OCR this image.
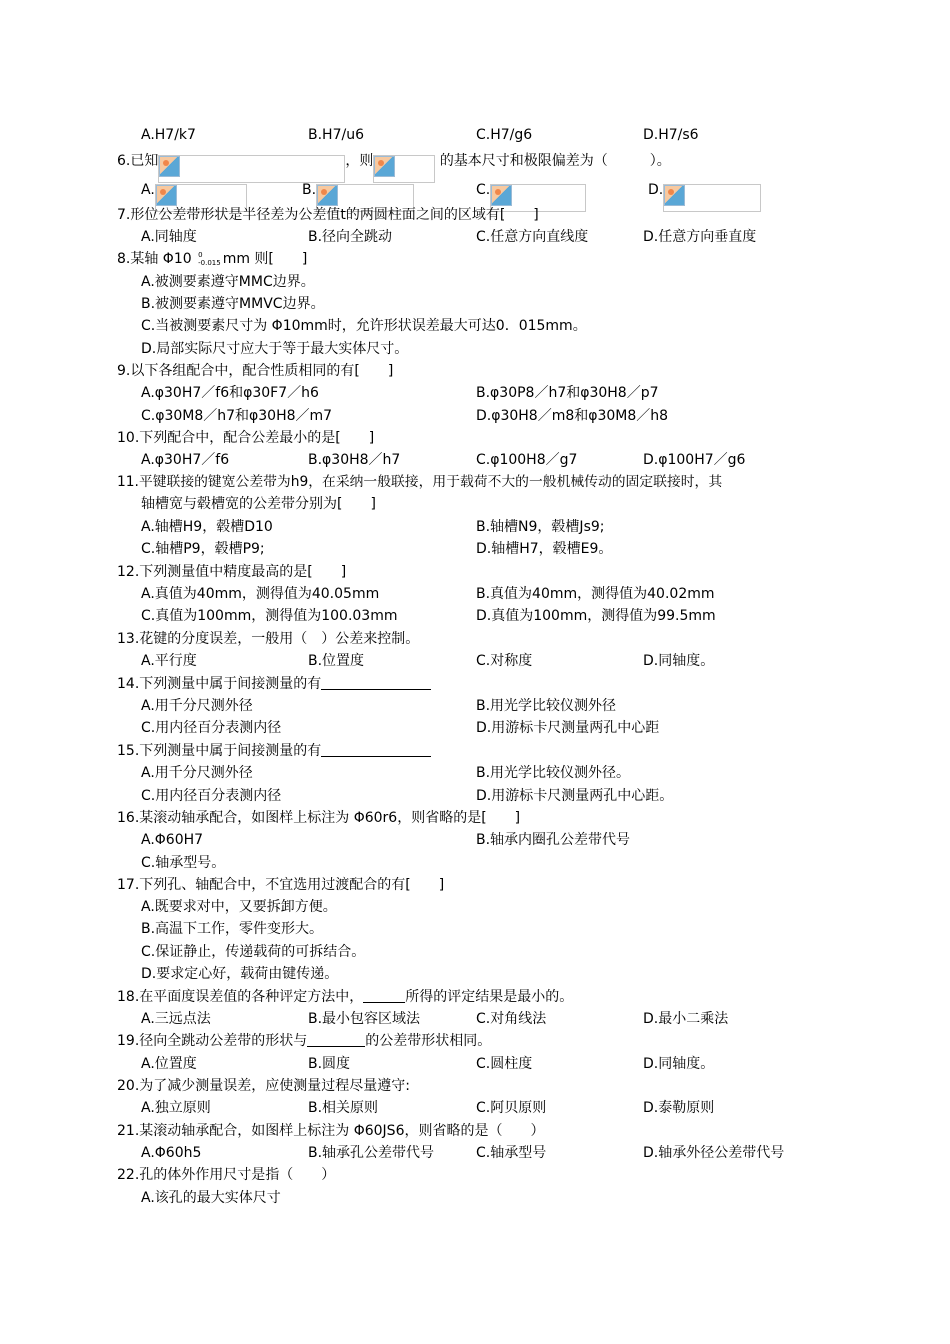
A.H7/k7	B.H7/u6	C.H7/g6	D.H7/s6
6.已知	，则	的基本尺寸和极限偏差为（　　　）。
A.	B.	C.	D.
7.形位公差带形状是半径差为公差值t的两圆柱面之间的区域有[　　]
A.同轴度	B.径向全跳动	C.任意方向直线度	D.任意方向垂直度
8.某轴 Φ10 0
-0.015 mm 则[　　]
A.被测要素遵守MMC边界。
B.被测要素遵守MMVC边界。
C.当被测要素尺寸为 Φ10mm时，允许形状误差最大可达0．015mm。
D.局部实际尺寸应大于等于最大实体尺寸。
9.以下各组配合中，配合性质相同的有[　　]
A.φ30H7／f6和φ30F7／h6	B.φ30P8／h7和φ30H8／p7
C.φ30M8／h7和φ30H8／m7	D.φ30H8／m8和φ30M8／h8
10.下列配合中，配合公差最小的是[　　]
A.φ30H7／f6	B.φ30H8／h7	C.φ100H8／g7	D.φ100H7／g6
11.平键联接的键宽公差带为h9，在采纳一般联接，用于载荷不大的一般机械传动的固定联接时，其
轴槽宽与毂槽宽的公差带分别为[　　]
A.轴槽H9，毂槽D10	B.轴槽N9，毂槽Js9;
C.轴槽P9，毂槽P9;	D.轴槽H7，毂槽E9。
12.下列测量值中精度最高的是[　　]
A.真值为40mm，测得值为40.05mm	B.真值为40mm，测得值为40.02mm
C.真值为100mm，测得值为100.03mm	D.真值为100mm，测得值为99.5mm
13.花键的分度误差，一般用（　）公差来控制。
A.平行度	B.位置度	C.对称度	D.同轴度。
14.下列测量中属于间接测量的有
A.用千分尺测外径	B.用光学比较仪测外径
C.用内径百分表测内径	D.用游标卡尺测量两孔中心距
15.下列测量中属于间接测量的有
A.用千分尺测外径	B.用光学比较仪测外径。
C.用内径百分表测内径	D.用游标卡尺测量两孔中心距。
16.某滚动轴承配合，如图样上标注为 Φ60r6，则省略的是[　　]
A.Φ60H7	B.轴承内圈孔公差带代号
C.轴承型号。
17.下列孔、轴配合中，不宜选用过渡配合的有[　　]
A.既要求对中，又要拆卸方便。
B.高温下工作，零件变形大。
C.保证静止，传递载荷的可拆结合。
D.要求定心好，载荷由键传递。
18.在平面度误差值的各种评定方法中，	所得的评定结果是最小的。
A.三远点法	B.最小包容区域法	C.对角线法	D.最小二乘法
19.径向全跳动公差带的形状与	的公差带形状相同。
A.位置度	B.圆度	C.圆柱度	D.同轴度。
20.为了减少测量误差，应使测量过程尽量遵守:
A.独立原则	B.相关原则	C.阿贝原则	D.泰勒原则
21.某滚动轴承配合，如图样上标注为 Φ60JS6，则省略的是（　　）
A.Φ60h5	B.轴承孔公差带代号	C.轴承型号	D.轴承外径公差带代号
22.孔的体外作用尺寸是指（　　）
A.该孔的最大实体尺寸
